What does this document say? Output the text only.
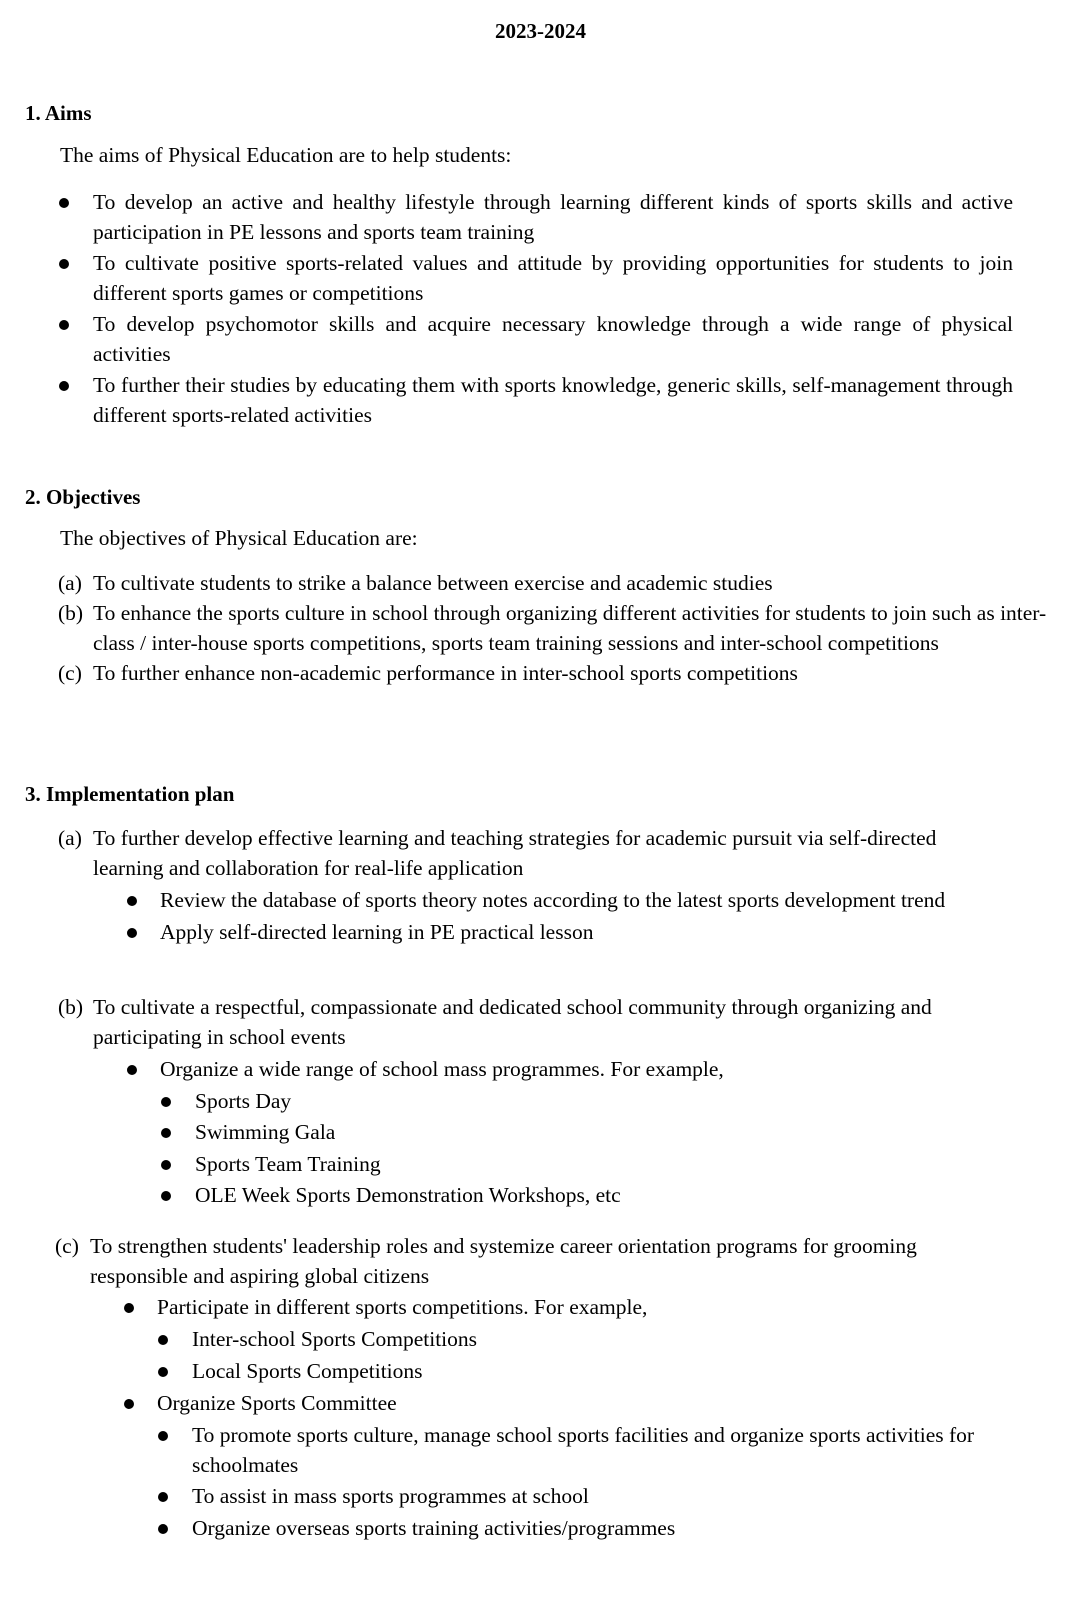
2023-2024
1. Aims
The aims of Physical Education are to help students:
To develop an active and healthy lifestyle through learning different kinds of sports skills and active participation in PE lessons and sports team training
To cultivate positive sports-related values and attitude by providing opportunities for students to join different sports games or competitions
To develop psychomotor skills and acquire necessary knowledge through a wide range of physical activities
To further their studies by educating them with sports knowledge, generic skills, self-management through different sports-related activities
2. Objectives
The objectives of Physical Education are:
(a) To cultivate students to strike a balance between exercise and academic studies
(b) To enhance the sports culture in school through organizing different activities for students to join such as inter-class / inter-house sports competitions, sports team training sessions and inter-school competitions
(c) To further enhance non-academic performance in inter-school sports competitions
3. Implementation plan
(a) To further develop effective learning and teaching strategies for academic pursuit via self-directed learning and collaboration for real-life application
Review the database of sports theory notes according to the latest sports development trend
Apply self-directed learning in PE practical lesson
(b) To cultivate a respectful, compassionate and dedicated school community through organizing and participating in school events
Organize a wide range of school mass programmes. For example,
Sports Day
Swimming Gala
Sports Team Training
OLE Week Sports Demonstration Workshops, etc
(c) To strengthen students' leadership roles and systemize career orientation programs for grooming responsible and aspiring global citizens
Participate in different sports competitions. For example,
Inter-school Sports Competitions
Local Sports Competitions
Organize Sports Committee
To promote sports culture, manage school sports facilities and organize sports activities for schoolmates
To assist in mass sports programmes at school
Organize overseas sports training activities/programmes
